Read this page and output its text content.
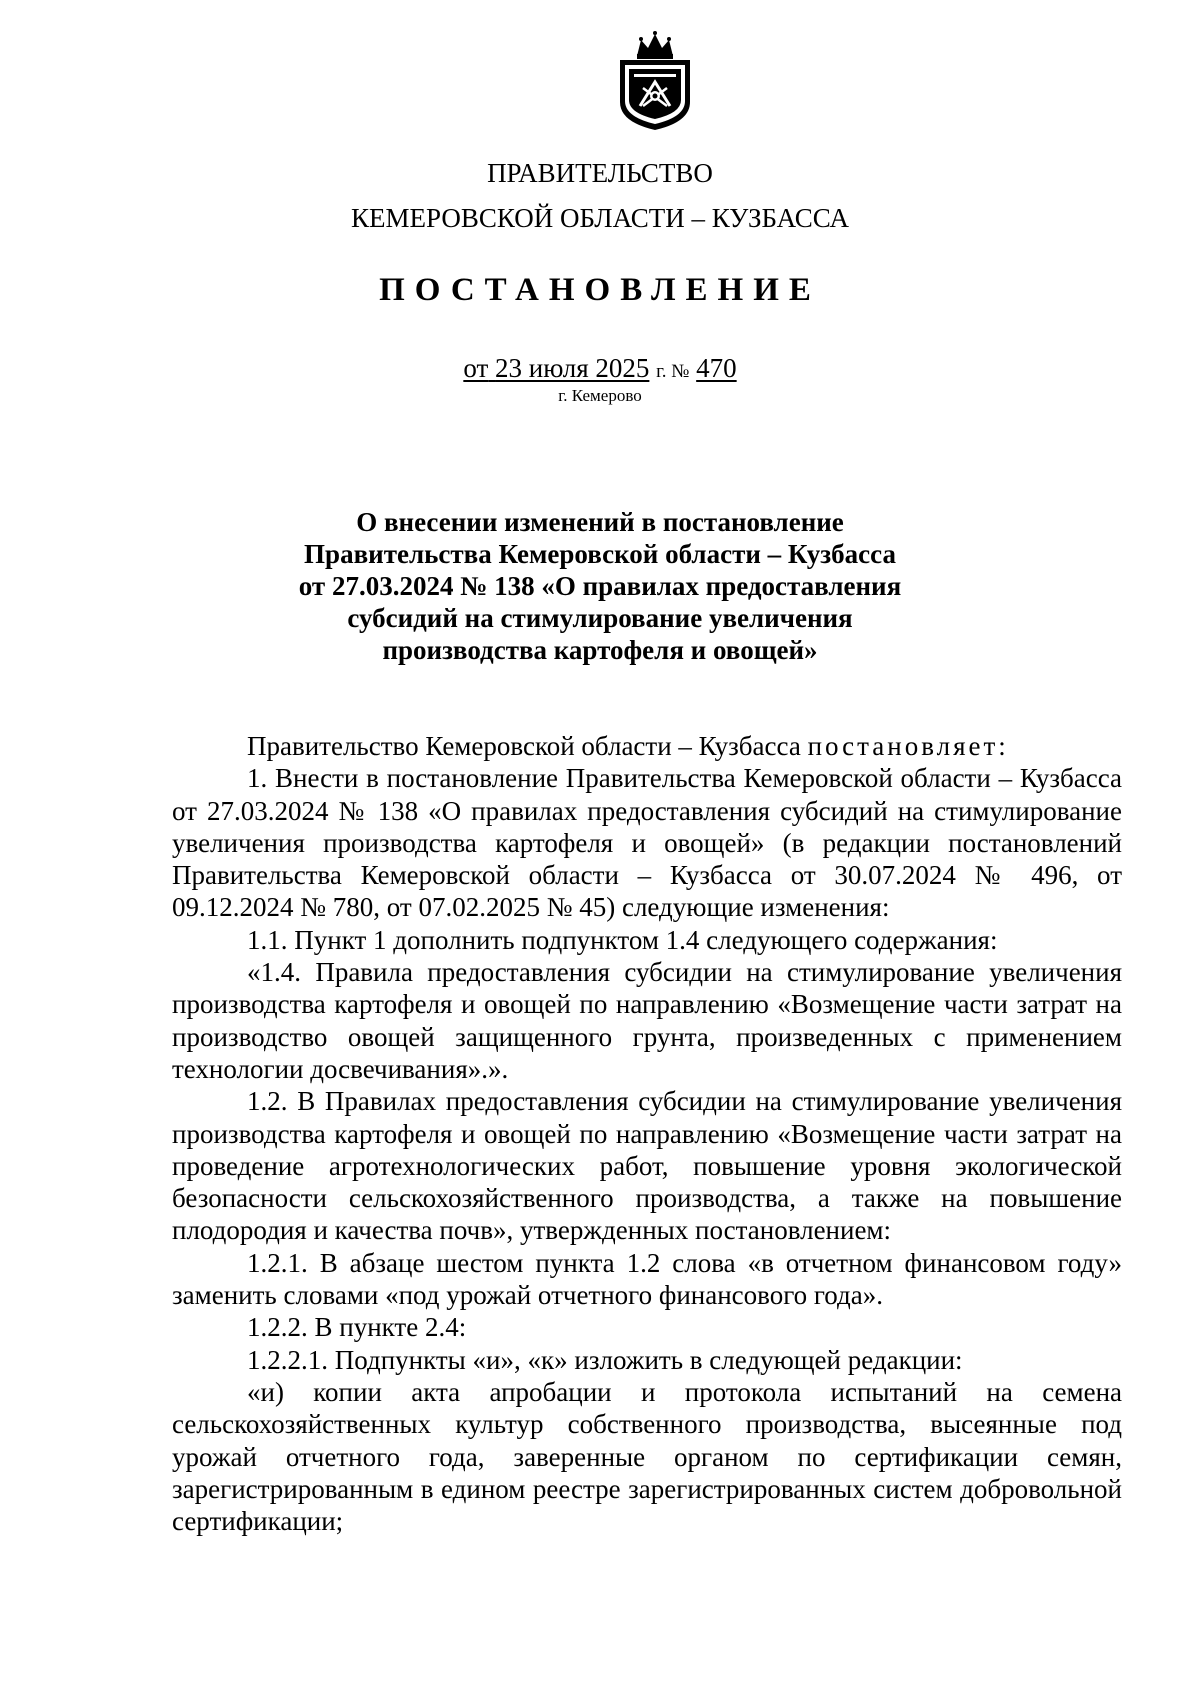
ПРАВИТЕЛЬСТВО
КЕМЕРОВСКОЙ ОБЛАСТИ – КУЗБАССА
ПОСТАНОВЛЕНИЕ
от 23 июля 2025 г. № 470
г. Кемерово
О внесении изменений в постановление
Правительства Кемеровской области – Кузбасса
от 27.03.2024 № 138 «О правилах предоставления
субсидий на стимулирование увеличения
производства картофеля и овощей»

Правительство Кемеровской области – Кузбасса постановляет:

1. Внести в постановление Правительства Кемеровской области – Кузбасса от 27.03.2024 № 138 «О правилах предоставления субсидий на стимулирование увеличения производства картофеля и овощей» (в редакции постановлений Правительства Кемеровской области – Кузбасса от 30.07.2024 № 496, от 09.12.2024 № 780, от 07.02.2025 № 45) следующие изменения:

1.1. Пункт 1 дополнить подпунктом 1.4 следующего содержания:

«1.4. Правила предоставления субсидии на стимулирование увеличения производства картофеля и овощей по направлению «Возмещение части затрат на производство овощей защищенного грунта, произведенных с применением технологии досвечивания».».

1.2. В Правилах предоставления субсидии на стимулирование увеличения производства картофеля и овощей по направлению «Возмещение части затрат на проведение агротехнологических работ, повышение уровня экологической безопасности сельскохозяйственного производства, а также на повышение плодородия и качества почв», утвержденных постановлением:

1.2.1. В абзаце шестом пункта 1.2 слова «в отчетном финансовом году» заменить словами «под урожай отчетного финансового года».

1.2.2. В пункте 2.4:

1.2.2.1. Подпункты «и», «к» изложить в следующей редакции:

«и) копии акта апробации и протокола испытаний на семена сельскохозяйственных культур собственного производства, высеянные под урожай отчетного года, заверенные органом по сертификации семян, зарегистрированным в едином реестре зарегистрированных систем добровольной сертификации;
